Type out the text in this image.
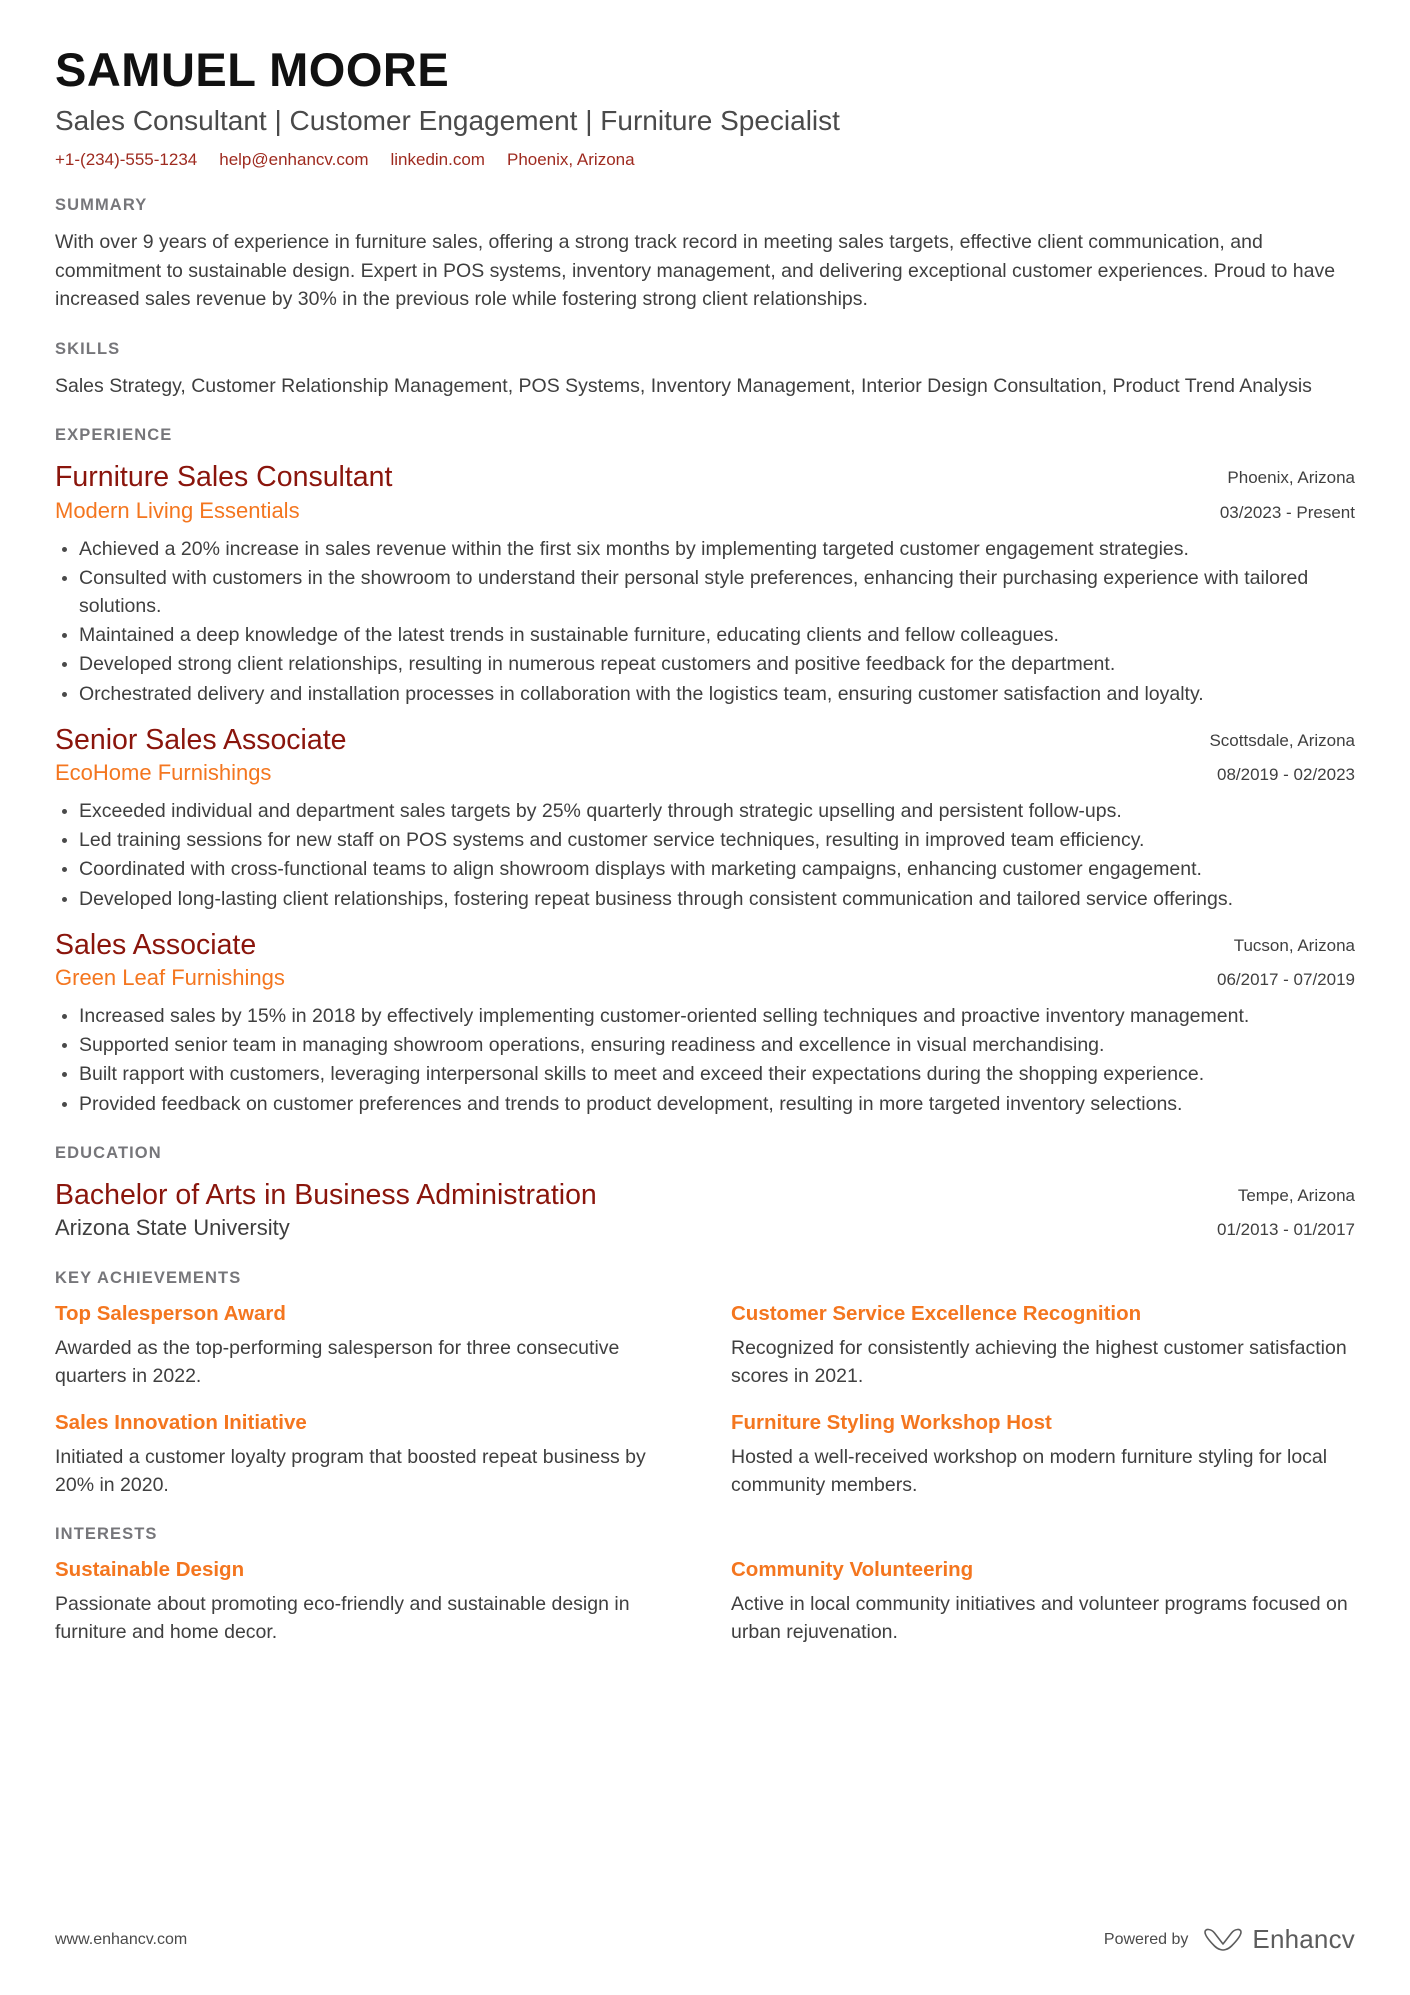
SAMUEL MOORE
Sales Consultant | Customer Engagement | Furniture Specialist
+1-(234)-555-1234 help@enhancv.com linkedin.com Phoenix, Arizona
SUMMARY
With over 9 years of experience in furniture sales, offering a strong track record in meeting sales targets, effective client communication, and commitment to sustainable design. Expert in POS systems, inventory management, and delivering exceptional customer experiences. Proud to have increased sales revenue by 30% in the previous role while fostering strong client relationships.
SKILLS
Sales Strategy, Customer Relationship Management, POS Systems, Inventory Management, Interior Design Consultation, Product Trend Analysis
EXPERIENCE
Furniture Sales Consultant
Modern Living Essentials
Phoenix, Arizona
03/2023 - Present
Achieved a 20% increase in sales revenue within the first six months by implementing targeted customer engagement strategies.
Consulted with customers in the showroom to understand their personal style preferences, enhancing their purchasing experience with tailored solutions.
Maintained a deep knowledge of the latest trends in sustainable furniture, educating clients and fellow colleagues.
Developed strong client relationships, resulting in numerous repeat customers and positive feedback for the department.
Orchestrated delivery and installation processes in collaboration with the logistics team, ensuring customer satisfaction and loyalty.
Senior Sales Associate
EcoHome Furnishings
Scottsdale, Arizona
08/2019 - 02/2023
Exceeded individual and department sales targets by 25% quarterly through strategic upselling and persistent follow-ups.
Led training sessions for new staff on POS systems and customer service techniques, resulting in improved team efficiency.
Coordinated with cross-functional teams to align showroom displays with marketing campaigns, enhancing customer engagement.
Developed long-lasting client relationships, fostering repeat business through consistent communication and tailored service offerings.
Sales Associate
Green Leaf Furnishings
Tucson, Arizona
06/2017 - 07/2019
Increased sales by 15% in 2018 by effectively implementing customer-oriented selling techniques and proactive inventory management.
Supported senior team in managing showroom operations, ensuring readiness and excellence in visual merchandising.
Built rapport with customers, leveraging interpersonal skills to meet and exceed their expectations during the shopping experience.
Provided feedback on customer preferences and trends to product development, resulting in more targeted inventory selections.
EDUCATION
Bachelor of Arts in Business Administration
Arizona State University
Tempe, Arizona
01/2013 - 01/2017
KEY ACHIEVEMENTS
Top Salesperson Award
Awarded as the top-performing salesperson for three consecutive quarters in 2022.
Customer Service Excellence Recognition
Recognized for consistently achieving the highest customer satisfaction scores in 2021.
Sales Innovation Initiative
Initiated a customer loyalty program that boosted repeat business by 20% in 2020.
Furniture Styling Workshop Host
Hosted a well-received workshop on modern furniture styling for local community members.
INTERESTS
Sustainable Design
Passionate about promoting eco-friendly and sustainable design in furniture and home decor.
Community Volunteering
Active in local community initiatives and volunteer programs focused on urban rejuvenation.
www.enhancv.com	Powered by Enhancv
